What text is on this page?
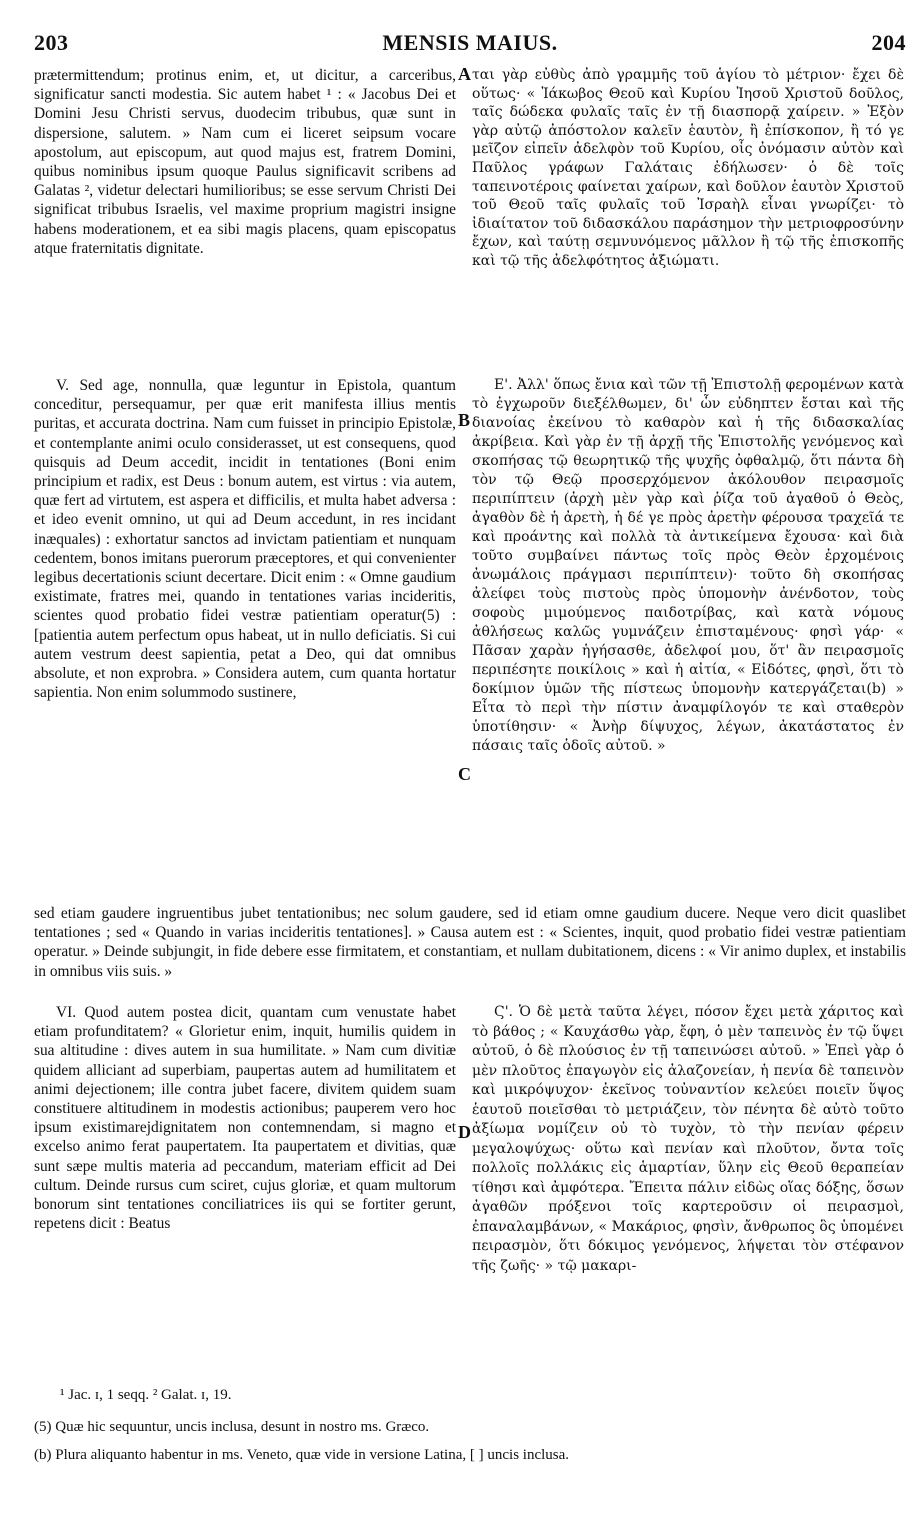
203	MENSIS MAIUS.	204
prætermittendum; protinus enim, et, ut dicitur, a carceribus, significatur sancti modestia. Sic autem habet ¹ : « Jacobus Dei et Domini Jesu Christi servus, duodecim tribubus, quæ sunt in dispersione, salutem. » Nam cum ei liceret seipsum vocare apostolum, aut episcopum, aut quod majus est, fratrem Domini, quibus nominibus ipsum quoque Paulus significavit scribens ad Galatas ², videtur delectari humilioribus; se esse servum Christi Dei significat tribubus Israelis, vel maxime proprium magistri insigne habens moderationem, et ea sibi magis placens, quam episcopatus atque fraternitatis dignitate.
V. Sed age, nonnulla, quæ leguntur in Epistola, quantum conceditur, persequamur, per quæ erit manifesta illius mentis puritas, et accurata doctrina. Nam cum fuisset in principio Epistolæ, et contemplante animi oculo considerasset, ut est consequens, quod quisquis ad Deum accedit, incidit in tentationes (Boni enim principium et radix, est Deus : bonum autem, est virtus : via autem, quæ fert ad virtutem, est aspera et difficilis, et multa habet adversa : et ideo evenit omnino, ut qui ad Deum accedunt, in res incidant inæquales) : exhortatur sanctos ad invictam patientiam et nunquam cedentem, bonos imitans puerorum præceptores, et qui convenienter legibus decertationis sciunt decertare. Dicit enim : « Omne gaudium existimate, fratres mei, quando in tentationes varias incideritis, scientes quod probatio fidei vestræ patientiam operatur(5) : [patientia autem perfectum opus habeat, ut in nullo deficiatis. Si cui autem vestrum deest sapientia, petat a Deo, qui dat omnibus absolute, et non exprobra. » Considera autem, cum quanta hortatur sapientia. Non enim solummodo sustinere,
ται γὰρ εὐθὺς ἀπὸ γραμμῆς τοῦ ἁγίου τὸ μέτριον· ἔχει δὲ οὕτως· « Ἰάκωβος Θεοῦ καὶ Κυρίου Ἰησοῦ Χριστοῦ δοῦλος, ταῖς δώδεκα φυλαῖς ταῖς ἐν τῇ διασπορᾷ χαίρειν. » Ἐξὸν γὰρ αὐτῷ ἀπόστολον καλεῖν ἑαυτὸν, ἢ ἐπίσκοπον, ἢ τό γε μεῖζον εἰπεῖν ἀδελφὸν τοῦ Κυρίου, οἷς ὀνόμασιν αὐτὸν καὶ Παῦλος γράφων Γαλάταις ἐδήλωσεν· ὁ δὲ τοῖς ταπεινοτέροις φαίνεται χαίρων, καὶ δοῦλον ἑαυτὸν Χριστοῦ τοῦ Θεοῦ ταῖς φυλαῖς τοῦ Ἰσραὴλ εἶναι γνωρίζει· τὸ ἰδιαίτατον τοῦ διδασκάλου παράσημον τὴν μετριοφροσύνην ἔχων, καὶ ταύτῃ σεμνυνόμενος μᾶλλον ἢ τῷ τῆς ἐπισκοπῆς καὶ τῷ τῆς ἀδελφότητος ἀξιώματι.
Ε'. Ἀλλ' ὅπως ἔνια καὶ τῶν τῇ Ἐπιστολῇ φερομένων κατὰ τὸ ἐγχωροῦν διεξέλθωμεν, δι' ὧν εὐδηπτεν ἔσται καὶ τῆς διανοίας ἐκείνου τὸ καθαρὸν καὶ ἡ τῆς διδασκαλίας ἀκρίβεια. Καὶ γὰρ ἐν τῇ ἀρχῇ τῆς Ἐπιστολῆς γενόμενος καὶ σκοπήσας τῷ θεωρητικῷ τῆς ψυχῆς ὀφθαλμῷ, ὅτι πάντα δὴ τὸν τῷ Θεῷ προσερχόμενον ἀκόλουθον πειρασμοῖς περιπίπτειν (ἀρχὴ μὲν γὰρ καὶ ῥίζα τοῦ ἀγαθοῦ ὁ Θεὸς, ἀγαθὸν δὲ ἡ ἀρετὴ, ἡ δέ γε πρὸς ἀρετὴν φέρουσα τραχεῖά τε καὶ προάντης καὶ πολλὰ τὰ ἀντικείμενα ἔχουσα· καὶ διὰ τοῦτο συμβαίνει πάντως τοῖς πρὸς Θεὸν ἐρχομένοις ἀνωμάλοις πράγμασι περιπίπτειν)· τοῦτο δὴ σκοπήσας ἀλείφει τοὺς πιστοὺς πρὸς ὑπομονὴν ἀνένδοτον, τοὺς σοφοὺς μιμούμενος παιδοτρίβας, καὶ κατὰ νόμους ἀθλήσεως καλῶς γυμνάζειν ἐπισταμένους· φησὶ γάρ· « Πᾶσαν χαρὰν ἡγήσασθε, ἀδελφοί μου, ὅτ' ἂν πειρασμοῖς περιπέσητε ποικίλοις » καὶ ἡ αἰτία, « Εἰδότες, φησὶ, ὅτι τὸ δοκίμιον ὑμῶν τῆς πίστεως ὑπομονὴν κατεργάζεται(b) » Εἶτα τὸ περὶ τὴν πίστιν ἀναμφίλογόν τε καὶ σταθερὸν ὑποτίθησιν· « Ἀνὴρ δίψυχος, λέγων, ἀκατάστατος ἐν πάσαις ταῖς ὁδοῖς αὐτοῦ. »
sed etiam gaudere ingruentibus jubet tentationibus; nec solum gaudere, sed id etiam omne gaudium ducere. Neque vero dicit quaslibet tentationes ; sed « Quando in varias incideritis tentationes]. » Causa autem est : « Scientes, inquit, quod probatio fidei vestræ patientiam operatur. » Deinde subjungit, in fide debere esse firmitatem, et constantiam, et nullam dubitationem, dicens : « Vir animo duplex, et instabilis in omnibus viis suis. »
VI. Quod autem postea dicit, quantam cum venustate habet etiam profunditatem? « Glorietur enim, inquit, humilis quidem in sua altitudine : dives autem in sua humilitate. » Nam cum divitiæ quidem alliciant ad superbiam, paupertas autem ad humilitatem et animi dejectionem; ille contra jubet facere, divitem quidem suam constituere altitudinem in modestis actionibus; pauperem vero hoc ipsum existimarejdignitatem non contemnendam, si magno et excelso animo ferat paupertatem. Ita paupertatem et divitias, quæ sunt sæpe multis materia ad peccandum, materiam efficit ad Dei cultum. Deinde rursus cum sciret, cujus gloriæ, et quam multorum bonorum sint tentationes conciliatrices iis qui se fortiter gerunt, repetens dicit : Beatus
Ϛ'. Ὁ δὲ μετὰ ταῦτα λέγει, πόσον ἔχει μετὰ χάριτος καὶ τὸ βάθος ; « Καυχάσθω γὰρ, ἔφη, ὁ μὲν ταπεινὸς ἐν τῷ ὕψει αὐτοῦ, ὁ δὲ πλούσιος ἐν τῇ ταπεινώσει αὐτοῦ. » Ἐπεὶ γὰρ ὁ μὲν πλοῦτος ἐπαγωγὸν εἰς ἀλαζονείαν, ἡ πενία δὲ ταπεινὸν καὶ μικρόψυχον· ἐκεῖνος τοὐναντίον κελεύει ποιεῖν ὕψος ἑαυτοῦ ποιεῖσθαι τὸ μετριάζειν, τὸν πένητα δὲ αὐτὸ τοῦτο ἀξίωμα νομίζειν οὐ τὸ τυχὸν, τὸ τὴν πενίαν φέρειν μεγαλοψύχως· οὕτω καὶ πενίαν καὶ πλοῦτον, ὄντα τοῖς πολλοῖς πολλάκις εἰς ἁμαρτίαν, ὕλην εἰς Θεοῦ θεραπείαν τίθησι καὶ ἀμφότερα. Ἔπειτα πάλιν εἰδὼς οἵας δόξης, ὅσων ἀγαθῶν πρόξενοι τοῖς καρτεροῦσιν οἱ πειρασμοὶ, ἐπαναλαμβάνων, « Μακάριος, φησὶν, ἄνθρωπος ὃς ὑπομένει πειρασμὸν, ὅτι δόκιμος γενόμενος, λήψεται τὸν στέφανον τῆς ζωῆς· » τῷ μακαρι-
A
B
C
D

¹ Jac. ɪ, 1 seqq. ² Galat. ɪ, 19.

(5) Quæ hic sequuntur, uncis inclusa, desunt in nostro ms. Græco.

(b) Plura aliquanto habentur in ms. Veneto, quæ vide in versione Latina, [ ] uncis inclusa.
